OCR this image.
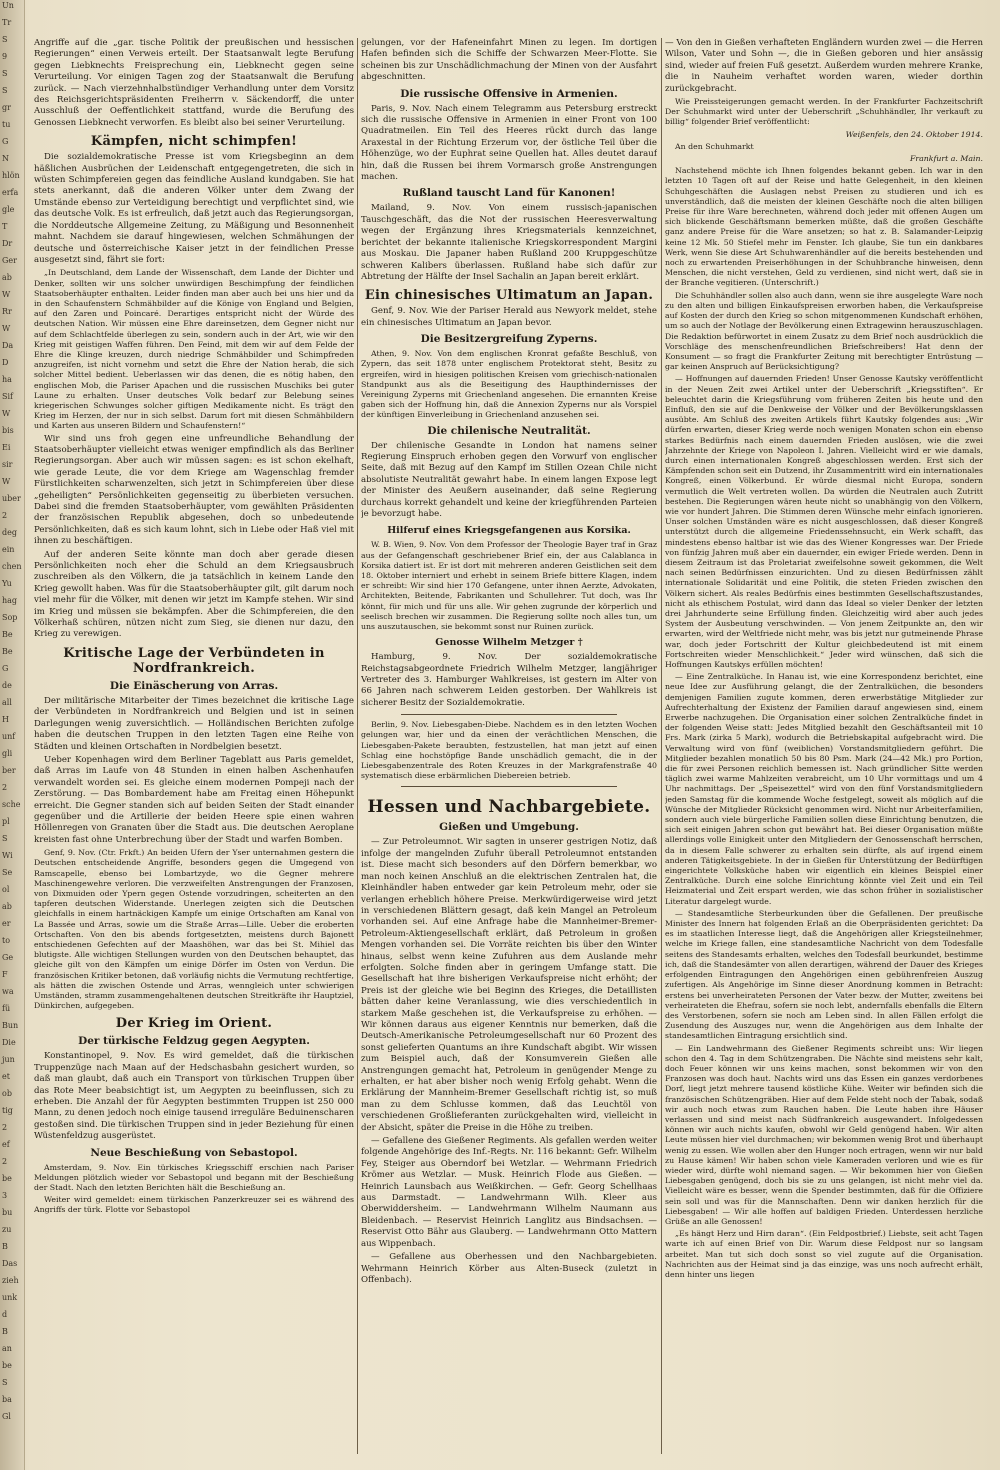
Un
Tr
S
9
S
S
gr
tu
G
N
hlön
erfa
gle
T
Dr
Ger
ab
W
Rr
W
Da
D
ha
Sif
W
bis
Ei
sir
W
uber
2
deg
ein
chen
Yu
hag
Sop
Be
Be
G
de
all
H
unf
gli
ber
2
sche
pl
S
Wi
Se
ol
ab
er
to
Ge
F
wa
fü
Bun
Die
jun
et
ob
tig
2
ef
2
be
3
bu
zu
B
Das
zieh
unk
d
B
an
be
S
ba
Gl

Angriffe auf die „gar. tische Politik der preußischen und hessischen Regierungen“ einen Verweis erteilt. Der Staatsanwalt legte Berufung gegen Liebknechts Freisprechung ein, Liebknecht gegen seine Verurteilung. Vor einigen Tagen zog der Staatsanwalt die Berufung zurück. — Nach vierzehnhalbstündiger Verhandlung unter dem Vorsitz des Reichsgerichtspräsidenten Freiherrn v. Säckendorff, die unter Ausschluß der Oeffentlichkeit stattfand, wurde die Berufung des Genossen Liebknecht verworfen. Es bleibt also bei seiner Verurteilung.

Kämpfen, nicht schimpfen!

Die sozialdemokratische Presse ist vom Kriegsbeginn an dem häßlichen Ausbrüchen der Leidenschaft entgegengetreten, die sich in wüsten Schimpfereien gegen das feindliche Ausland kundgaben. Sie hat stets anerkannt, daß die anderen Völker unter dem Zwang der Umstände ebenso zur Verteidigung berechtigt und verpflichtet sind, wie das deutsche Volk. Es ist erfreulich, daß jetzt auch das Regierungsorgan, die Norddeutsche Allgemeine Zeitung, zu Mäßigung und Besonnenheit mahnt. Nachdem sie darauf hingewiesen, welchen Schmähungen der deutsche und österreichische Kaiser jetzt in der feindlichen Presse ausgesetzt sind, fährt sie fort:

„In Deutschland, dem Lande der Wissenschaft, dem Lande der Dichter und Denker, sollten wir uns solcher unwürdigen Beschimpfung der feindlichen Staatsoberhäupter enthalten. Leider finden man aber auch bei uns hier und da in den Schaufenstern Schmähbilder auf die Könige von England und Belgien, auf den Zaren und Poincaré. Derartiges entspricht nicht der Würde des deutschen Nation. Wir müssen eine Ehre dareinsetzen, dem Gegner nicht nur auf dem Schlachtfelde überlegen zu sein, sondern auch in der Art, wie wir den Krieg mit geistigen Waffen führen. Den Feind, mit dem wir auf dem Felde der Ehre die Klinge kreuzen, durch niedrige Schmähbilder und Schimpfreden anzugreifen, ist nicht vornehm und setzt die Ehre der Nation herab, die sich solcher Mittel bedient. Ueberlassen wir das denen, die es nötig haben, den englischen Mob, die Pariser Apachen und die russischen Muschiks bei guter Laune zu erhalten. Unser deutsches Volk bedarf zur Belebung seines kriegerischen Schwunges solcher giftigen Medikamente nicht. Es trägt den Krieg im Herzen, der nur in sich selbst. Darum fort mit diesen Schmähbildern und Karten aus unseren Bildern und Schaufenstern!“

Wir sind uns froh gegen eine unfreundliche Behandlung der Staatsoberhäupter vielleicht etwas weniger empfindlich als das Berliner Regierungsorgan. Aber auch wir müssen sagen: es ist schon ekelhaft, wie gerade Leute, die vor dem Kriege am Wagenschlag fremder Fürstlichkeiten scharwenzelten, sich jetzt in Schimpfereien über diese „geheiligten“ Persönlichkeiten gegenseitig zu überbieten versuchen. Dabei sind die fremden Staatsoberhäupter, vom gewählten Präsidenten der französischen Republik abgesehen, doch so unbedeutende Persönlichkeiten, daß es sich kaum lohnt, sich in Liebe oder Haß viel mit ihnen zu beschäftigen.

Auf der anderen Seite könnte man doch aber gerade diesen Persönlichkeiten noch eher die Schuld an dem Kriegsausbruch zuschreiben als den Völkern, die ja tatsächlich in keinem Lande den Krieg gewollt haben. Was für die Staatsoberhäupter gilt, gilt darum noch viel mehr für die Völker, mit denen wir jetzt im Kampfe stehen. Wir sind im Krieg und müssen sie bekämpfen. Aber die Schimpfereien, die den Völkerhaß schüren, nützen nicht zum Sieg, sie dienen nur dazu, den Krieg zu verewigen.

Kritische Lage der Verbündeten in Nordfrankreich.
Die Einäscherung von Arras.

Der militärische Mitarbeiter der Times bezeichnet die kritische Lage der Verbündeten in Nordfrankreich und Belgien und ist in seinen Darlegungen wenig zuversichtlich. — Holländischen Berichten zufolge haben die deutschen Truppen in den letzten Tagen eine Reihe von Städten und kleinen Ortschaften in Nordbelgien besetzt.

Ueber Kopenhagen wird dem Berliner Tageblatt aus Paris gemeldet, daß Arras im Laufe von 48 Stunden in einen halben Aschenhaufen verwandelt worden sei. Es gleiche einem modernen Pompeji nach der Zerstörung. — Das Bombardement habe am Freitag einen Höhepunkt erreicht. Die Gegner standen sich auf beiden Seiten der Stadt einander gegenüber und die Artillerie der beiden Heere spie einen wahren Höllenregen von Granaten über die Stadt aus. Die deutschen Aeroplane kreisten fast ohne Unterbrechung über der Stadt und warfen Bomben.

Genf, 9. Nov. (Ctr. Frkft.) An beiden Ufern der Yser unternahmen gestern die Deutschen entscheidende Angriffe, besonders gegen die Umgegend von Ramscapelle, ebenso bei Lombartzyde, wo die Gegner mehrere Maschinengewehre verloren. Die verzweifelten Anstrengungen der Franzosen, von Dixmuiden oder Ypern gegen Ostende vorzudringen, scheiterten an den tapferen deutschen Widerstande. Unerlegen zeigten sich die Deutschen gleichfalls in einem hartnäckigen Kampfe um einige Ortschaften am Kanal von La Bassée und Arras, sowie um die Straße Arras—Lille. Ueber die eroberten Ortschaften. Von den bis abends fortgesetzten, meistens durch Bajonett entschiedenen Gefechten auf der Maashöhen, war das bei St. Mihiel das blutigste. Alle wichtigen Stellungen wurden von den Deutschen behauptet, das gleiche gilt von den Kämpfen um einige Dörfer im Osten von Verdun. Die französischen Kritiker betonen, daß vorläufig nichts die Vermutung rechtfertige, als hätten die zwischen Ostende und Arras, wenngleich unter schwierigen Umständen, stramm zusammengehaltenen deutschen Streitkräfte ihr Hauptziel, Dünkirchen, aufgegeben.

Der Krieg im Orient.
Der türkische Feldzug gegen Aegypten.

Konstantinopel, 9. Nov. Es wird gemeldet, daß die türkischen Truppenzüge nach Maan auf der Hedschasbahn gesichert wurden, so daß man glaubt, daß auch ein Transport von türkischen Truppen über das Rote Meer beabsichtigt ist, um Aegypten zu beeinflussen, sich zu erheben. Die Anzahl der für Aegypten bestimmten Truppen ist 250 000 Mann, zu denen jedoch noch einige tausend irreguläre Beduinenscharen gestoßen sind. Die türkischen Truppen sind in jeder Beziehung für einen Wüstenfeldzug ausgerüstet.

Neue Beschießung von Sebastopol.

Amsterdam, 9. Nov. Ein türkisches Kriegsschiff erschien nach Pariser Meldungen plötzlich wieder vor Sebastopol und begann mit der Beschießung der Stadt. Nach den letzten Berichten hält die Beschießung an.

Weiter wird gemeldet: einem türkischen Panzerkreuzer sei es während des Angriffs der türk. Flotte vor Sebastopol

gelungen, vor der Hafeneinfahrt Minen zu legen. Im dortigen Hafen befinden sich die Schiffe der Schwarzen Meer-Flotte. Sie scheinen bis zur Unschädlichmachung der Minen von der Ausfahrt abgeschnitten.

Die russische Offensive in Armenien.

Paris, 9. Nov. Nach einem Telegramm aus Petersburg erstreckt sich die russische Offensive in Armenien in einer Front von 100 Quadratmeilen. Ein Teil des Heeres rückt durch das lange Araxestal in der Richtung Erzerum vor, der östliche Teil über die Höhenzüge, wo der Euphrat seine Quellen hat. Alles deutet darauf hin, daß die Russen bei ihrem Vormarsch große Anstrengungen machen.

Rußland tauscht Land für Kanonen!

Mailand, 9. Nov. Von einem russisch-japanischen Tauschgeschäft, das die Not der russischen Heeresverwaltung wegen der Ergänzung ihres Kriegsmaterials kennzeichnet, berichtet der bekannte italienische Kriegskorrespondent Margini aus Moskau. Die Japaner haben Rußland 200 Kruppgeschütze schweren Kalibers überlassen. Rußland habe sich dafür zur Abtretung der Hälfte der Insel Sachalin an Japan bereit erklärt.

Ein chinesisches Ultimatum an Japan.

Genf, 9. Nov. Wie der Pariser Herald aus Newyork meldet, stehe ein chinesisches Ultimatum an Japan bevor.

Die Besitzergreifung Zyperns.

Athen, 9. Nov. Von dem englischen Kronrat gefaßte Beschluß, von Zypern, das seit 1878 unter englischem Protektorat steht, Besitz zu ergreifen, wird in hiesigen politischen Kreisen vom griechisch-nationalen Standpunkt aus als die Beseitigung des Haupthindernisses der Vereinigung Zyperns mit Griechenland angesehen. Die ernannten Kreise gaben sich der Hoffnung hin, daß die Annexion Zyperns nur als Vorspiel der künftigen Einverleibung in Griechenland anzusehen sei.

Die chilenische Neutralität.

Der chilenische Gesandte in London hat namens seiner Regierung Einspruch erhoben gegen den Vorwurf von englischer Seite, daß mit Bezug auf den Kampf im Stillen Ozean Chile nicht absolutiste Neutralität gewahrt habe. In einem langen Expose legt der Minister des Aeußern auseinander, daß seine Regierung durchaus korrekt gehandelt und keine der kriegführenden Parteien je bevorzugt habe.

Hilferuf eines Kriegsgefangenen aus Korsika.

W. B. Wien, 9. Nov. Von dem Professor der Theologie Bayer traf in Graz aus der Gefangenschaft geschriebener Brief ein, der aus Calablanca in Korsika datiert ist. Er ist dort mit mehreren anderen Geistlichen seit dem 18. Oktober interniert und erhebt in seinem Briefe bittere Klagen, indem er schreibt: Wir sind hier 170 Gefangene, unter ihnen Aerzte, Advokaten, Architekten, Beitende, Fabrikanten und Schullehrer. Tut doch, was Ihr könnt, für mich und für uns alle. Wir gehen zugrunde der körperlich und seelisch brechen wir zusammen. Die Regierung sollte noch alles tun, um uns auszutauschen, sie bekommt sonst nur Ruinen zurück.

Genosse Wilhelm Metzger †

Hamburg, 9. Nov. Der sozialdemokratische Reichstagsabgeordnete Friedrich Wilhelm Metzger, langjähriger Vertreter des 3. Hamburger Wahlkreises, ist gestern im Alter von 66 Jahren nach schwerem Leiden gestorben. Der Wahlkreis ist sicherer Besitz der Sozialdemokratie.

Berlin, 9. Nov. Liebesgaben-Diebe. Nachdem es in den letzten Wochen gelungen war, hier und da einen der verächtlichen Menschen, die Liebesgaben-Pakete beraubten, festzustellen, hat man jetzt auf einen Schlag eine hochstöpfige Bande unschädlich gemacht, die in der Liebesgabenzentrale des Roten Kreuzes in der Markgrafenstraße 40 systematisch diese erbärmlichen Diebereien betrieb.

Hessen und Nachbargebiete.
Gießen und Umgebung.

— Zur Petroleumnot. Wir sagten in unserer gestrigen Notiz, daß infolge der mangelnden Zufuhr überall Petroleumnot entstanden ist. Diese macht sich besonders auf den Dörfern bemerkbar, wo man noch keinen Anschluß an die elektrischen Zentralen hat, die Kleinhändler haben entweder gar kein Petroleum mehr, oder sie verlangen erheblich höhere Preise. Merkwürdigerweise wird jetzt in verschiedenen Blättern gesagt, daß kein Mangel an Petroleum vorhanden sei. Auf eine Anfrage habe die Mannheimer-Bremer-Petroleum-Aktiengesellschaft erklärt, daß Petroleum in großen Mengen vorhanden sei. Die Vorräte reichten bis über den Winter hinaus, selbst wenn keine Zufuhren aus dem Auslande mehr erfolgten. Solche finden aber in geringem Umfange statt. Die Gesellschaft hat ihre bisherigen Verkaufspreise nicht erhöht; der Preis ist der gleiche wie bei Beginn des Krieges, die Detaillisten bätten daher keine Veranlassung, wie dies verschiedentlich in starkem Maße geschehen ist, die Verkaufspreise zu erhöhen. — Wir können daraus aus eigener Kenntnis nur bemerken, daß die Deutsch-Amerikanische Petroleumgesellschaft nur 60 Prozent des sonst gelieferten Quantums an ihre Kundschaft abgibt. Wir wissen zum Beispiel auch, daß der Konsumverein Gießen alle Anstrengungen gemacht hat, Petroleum in genügender Menge zu erhalten, er hat aber bisher noch wenig Erfolg gehabt. Wenn die Erklärung der Mannheim-Bremer Gesellschaft richtig ist, so muß man zu dem Schlusse kommen, daß das Leuchtöl von verschiedenen Großlieferanten zurückgehalten wird, vielleicht in der Absicht, später die Preise in die Höhe zu treiben.

— Gefallene des Gießener Regiments. Als gefallen werden weiter folgende Angehörige des Inf.-Regts. Nr. 116 bekannt: Gefr. Wilhelm Fey, Steiger aus Oberndorf bei Wetzlar. — Wehrmann Friedrich Krömer aus Wetzlar. — Musk. Heinrich Flode aus Gießen. — Heinrich Launsbach aus Weißkirchen. — Gefr. Georg Schellhaas aus Darmstadt. — Landwehrmann Wilh. Kleer aus Oberwiddersheim. — Landwehrmann Wilhelm Naumann aus Bleidenbach. — Reservist Heinrich Langlitz aus Bindsachsen. — Reservist Otto Bähr aus Glauberg. — Landwehrmann Otto Mattern aus Wippenbach.

— Gefallene aus Oberhessen und den Nachbargebieten. Wehrmann Heinrich Körber aus Alten-Buseck (zuletzt in Offenbach).

— Von den in Gießen verhafteten Engländern wurden zwei — die Herren Wilson, Vater und Sohn —, die in Gießen geboren und hier ansässig sind, wieder auf freien Fuß gesetzt. Außerdem wurden mehrere Kranke, die in Nauheim verhaftet worden waren, wieder dorthin zurückgebracht.

Wie Preissteigerungen gemacht werden. In der Frankfurter Fachzeitschrift Der Schuhmarkt wird unter der Ueberschrift „Schuhhändler, Ihr verkauft zu billig“ folgender Brief veröffentlicht:

Weißenfels, den 24. Oktober 1914.

An den Schuhmarkt

Frankfurt a. Main.

Nachstehend möchte ich Ihnen folgendes bekannt geben. Ich war in den letzten 10 Tagen oft auf der Reise und hatte Gelegenheit, in den kleinen Schuhgeschäften die Auslagen nebst Preisen zu studieren und ich es unverständlich, daß die meisten der kleinen Geschäfte noch die alten billigen Preise für ihre Ware berechneten, während doch jeder mit offenen Augen um sich blickende Geschäftsmann bemerken müßte, daß die großen Geschäfte ganz andere Preise für die Ware ansetzen; so hat z. B. Salamander-Leipzig keine 12 Mk. 50 Stiefel mehr im Fenster. Ich glaube, Sie tun ein dankbares Werk, wenn Sie diese Art Schuhwarenhändler auf die bereits bestehenden und noch zu erwartenden Preiserhöhungen in der Schuhbranche hinweisen, denn Menschen, die nicht verstehen, Geld zu verdienen, sind nicht wert, daß sie in der Branche vegitieren. (Unterschrift.)

Die Schuhhändler sollen also auch dann, wenn sie ihre ausgelegte Ware noch zu den alten und billigen Einkaufspreisen erworben haben, die Verkaufspreise auf Kosten der durch den Krieg so schon mitgenommenen Kundschaft erhöhen, um so auch der Notlage der Bevölkerung einen Extragewinn herauszuschlagen. Die Redaktion befürwortet in einem Zusatz zu dem Brief noch ausdrücklich die Vorschläge des menschenfreundlichen Briefschreibers! Hat denn der Konsument — so fragt die Frankfurter Zeitung mit berechtigter Entrüstung — gar keinen Anspruch auf Berücksichtigung?

— Hoffnungen auf dauernden Frieden! Unser Genosse Kautsky veröffentlicht in der Neuen Zeit zwei Artikel unter der Ueberschrift „Kriegsstiften“. Er beleuchtet darin die Kriegsführung vom früheren Zeiten bis heute und den Einfluß, den sie auf die Denkweise der Völker und der Bevölkerungsklassen ausübte. Am Schluß des zweiten Artikels führt Kautsky folgendes aus: „Wir dürfen erwarten, dieser Krieg werde noch wenigen Monaten schon ein ebenso starkes Bedürfnis nach einem dauernden Frieden auslösen, wie die zwei Jahrzehnte der Kriege von Napoleon I. Jahren. Vielleicht wird er wie damals, durch einen internationalen Kongreß abgeschlossen werden. Erst sich der Kämpfenden schon seit ein Dutzend, ihr Zusammentritt wird ein internationales Kongreß, einen Völkerbund. Er würde diesmal nicht Europa, sondern vermutlich die Welt vertreten wollen. Da würden die Neutralen auch Zutritt bestehen. Die Regierungen wären heute nicht so unabhängig von den Völkern, wie vor hundert Jahren. Die Stimmen deren Wünsche mehr einfach ignorieren. Unser solchen Umständen wäre es nicht ausgeschlossen, daß dieser Kongreß unterstützt durch die allgemeine Friedenssehnsucht, ein Werk schafft, das mindestens ebenso haltbar ist wie das des Wiener Kongresses war. Der Friede von fünfzig Jahren muß aber ein dauernder, ein ewiger Friede werden. Denn in diesem Zeitraum ist das Proletariat zweifelsohne soweit gekommen, die Welt nach seinen Bedürfnissen einzurichten. Und zu diesen Bedürfnissen zählt internationale Solidarität und eine Politik, die steten Frieden zwischen den Völkern sichert. Als reales Bedürfnis eines bestimmten Gesellschaftszustandes, nicht als ethischem Postulat, wird dann das Ideal so vieler Denker der letzten drei Jahrhunderte seine Erfüllung finden. Gleichzeitig wird aber auch jedes System der Ausbeutung verschwinden. — Von jenem Zeitpunkte an, den wir erwarten, wird der Weltfriede nicht mehr, was bis jetzt nur gutmeinende Phrase war, doch jeder Fortschritt der Kultur gleichbedeutend ist mit einem Fortschreiten wieder Menschlichkeit.“ Jeder wird wünschen, daß sich die Hoffnungen Kautskys erfüllen möchten!

— Eine Zentralküche. In Hanau ist, wie eine Korrespondenz berichtet, eine neue Idee zur Ausführung gelangt, die der Zentralküchen, die besonders demjenigen Familien zugute kommen, deren erwerbstätige Mitglieder zur Aufrechterhaltung der Existenz der Familien darauf angewiesen sind, einem Erwerbe nachzugehen. Die Organisation einer solchen Zentralküche findet in der folgenden Weise statt: Jedes Mitglied bezahlt den Geschäftsanteil mit 10 Frs. Mark (zirka 5 Mark), wodurch die Betriebskapital aufgebracht wird. Die Verwaltung wird von fünf (weiblichen) Vorstandsmitgliedern geführt. Die Mitglieder bezahlen monatlich 50 bis 80 Psm. Mark (24—42 Mk.) pro Portion, die für zwei Personen reichlich bemessen ist. Nach gründlicher Sitte werden täglich zwei warme Mahlzeiten verabreicht, um 10 Uhr vormittags und um 4 Uhr nachmittags. Der „Speisezettel“ wird von den fünf Vorstandsmitgliedern jeden Samstag für die kommende Woche festgelegt, soweit als möglich auf die Wünsche der Mitglieder Rücksicht genommen wird. Nicht nur Arbeiterfamilien, sondern auch viele bürgerliche Familien sollen diese Einrichtung benutzen, die sich seit einigen Jahren schon gut bewährt hat. Bei dieser Organisation müßte allerdings volle Einigkeit unter den Mitgliedern der Genossenschaft herrschen, da in diesem Falle schwerer zu erhalten sein dürfte, als auf irgend einem anderen Tätigkeitsgebiete. In der in Gießen für Unterstützung der Bedürftigen eingerichtete Volksküche haben wir eigentlich ein kleines Beispiel einer Zentralküche. Durch eine solche Einrichtung könnte viel Zeit und ein Teil Heizmaterial und Zeit erspart werden, wie das schon früher in sozialistischer Literatur dargelegt wurde.

— Standesamtliche Sterbeurkunden über die Gefallenen. Der preußische Minister des Innern hat folgenden Erlaß an die Oberpräsidenten gerichtet: Da es im staatlichen Interesse liegt, daß die Angehörigen aller Kriegsteilnehmer, welche im Kriege fallen, eine standesamtliche Nachricht von dem Todesfalle seitens des Standesamts erhalten, welches den Todesfall beurkundet, bestimme ich, daß die Standesämter von allen derartigen, während der Dauer des Krieges erfolgenden Eintragungen den Angehörigen einen gebührenfreien Auszug zufertigen. Als Angehörige im Sinne dieser Anordnung kommen in Betracht: erstens bei unverheirateten Personen der Vater bezw. der Mutter, zweitens bei verheirateten die Ehefrau, sofern sie noch lebt, andernfalls ebenfalls die Eltern des Verstorbenen, sofern sie noch am Leben sind. In allen Fällen erfolgt die Zusendung des Auszuges nur, wenn die Angehörigen aus dem Inhalte der standesamtlichen Eintragung ersichtlich sind.

— Ein Landwehrmann des Gießener Regiments schreibt uns: Wir liegen schon den 4. Tag in dem Schützengraben. Die Nächte sind meistens sehr kalt, doch Feuer können wir uns keins machen, sonst bekommen wir von den Franzosen was doch haut. Nachts wird uns das Essen ein ganzes verdorbenes Dorf, liegt jetzt mehrere tausend köstliche Kühe. Weiter wir befinden sich die französischen Schützengräben. Hier auf dem Felde steht noch der Tabak, sodaß wir auch noch etwas zum Rauchen haben. Die Leute haben ihre Häuser verlassen und sind meist nach Südfrankreich ausgewandert. Infolgedessen können wir auch nichts kaufen, obwohl wir Geld genügend haben. Wir alten Leute müssen hier viel durchmachen; wir bekommen wenig Brot und überhaupt wenig zu essen. Wie wollen aber den Hunger noch ertragen, wenn wir nur bald zu Hause kämen! Wir haben schon viele Kameraden verloren und wie es für wieder wird, dürfte wohl niemand sagen. — Wir bekommen hier von Gießen Liebesgaben genügend, doch bis sie zu uns gelangen, ist nicht mehr viel da. Vielleicht wäre es besser, wenn die Spender bestimmten, daß für die Offiziere sein soll und was für die Mannschaften. Denn wir danken herzlich für die Liebesgaben! — Wir alle hoffen auf baldigen Frieden. Unterdessen herzliche Grüße an alle Genossen!

„Es hängt Herz und Hirn daran“. (Ein Feldpostbrief.) Liebste, seit acht Tagen warte ich auf einen Brief von Dir. Warum diese Feldpost nur so langsam arbeitet. Man tut sich doch sonst so viel zugute auf die Organisation. Nachrichten aus der Heimat sind ja das einzige, was uns noch aufrecht erhält, denn hinter uns liegen
